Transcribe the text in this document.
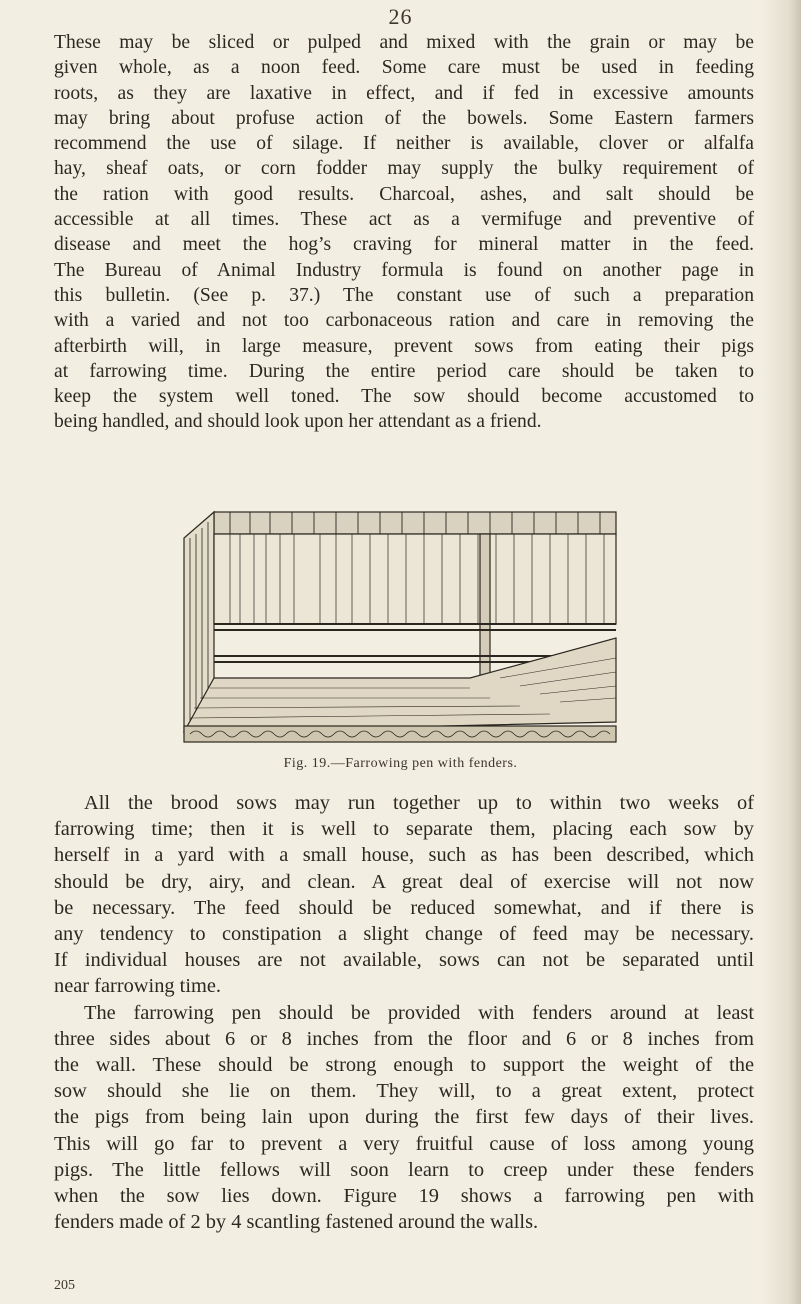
26

These may be sliced or pulped and mixed with the grain or may be
given whole, as a noon feed. Some care must be used in feeding
roots, as they are laxative in effect, and if fed in excessive amounts
may bring about profuse action of the bowels. Some Eastern farmers
recommend the use of silage. If neither is available, clover or alfalfa
hay, sheaf oats, or corn fodder may supply the bulky requirement of
the ration with good results. Charcoal, ashes, and salt should be
accessible at all times. These act as a vermifuge and preventive of
disease and meet the hog’s craving for mineral matter in the feed.
The Bureau of Animal Industry formula is found on another page in
this bulletin. (See p. 37.) The constant use of such a preparation
with a varied and not too carbonaceous ration and care in removing the
afterbirth will, in large measure, prevent sows from eating their pigs
at farrowing time. During the entire period care should be taken to
keep the system well toned. The sow should become accustomed to
being handled, and should look upon her attendant as a friend.

Fig. 19.—Farrowing pen with fenders.

All the brood sows may run together up to within two weeks of
farrowing time; then it is well to separate them, placing each sow by
herself in a yard with a small house, such as has been described, which
should be dry, airy, and clean. A great deal of exercise will not now
be necessary. The feed should be reduced somewhat, and if there is
any tendency to constipation a slight change of feed may be necessary.
If individual houses are not available, sows can not be separated until
near farrowing time.
The farrowing pen should be provided with fenders around at least
three sides about 6 or 8 inches from the floor and 6 or 8 inches from
the wall. These should be strong enough to support the weight of the
sow should she lie on them. They will, to a great extent, protect
the pigs from being lain upon during the first few days of their lives.
This will go far to prevent a very fruitful cause of loss among young
pigs. The little fellows will soon learn to creep under these fenders
when the sow lies down. Figure 19 shows a farrowing pen with
fenders made of 2 by 4 scantling fastened around the walls.

205
